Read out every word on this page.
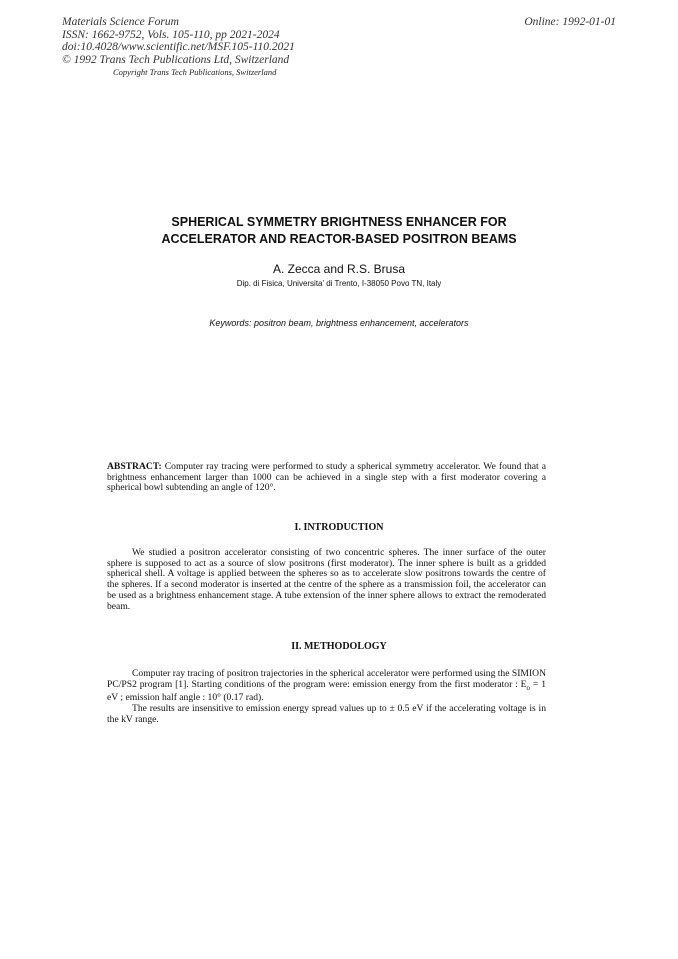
Materials Science Forum
ISSN: 1662-9752, Vols. 105-110, pp 2021-2024
doi:10.4028/www.scientific.net/MSF.105-110.2021
© 1992 Trans Tech Publications Ltd, Switzerland
Online: 1992-01-01
Copyright Trans Tech Publications, Switzerland
SPHERICAL SYMMETRY BRIGHTNESS ENHANCER FOR
ACCELERATOR AND REACTOR-BASED POSITRON BEAMS
A. Zecca and R.S. Brusa
Dip. di Fisica, Universita' di Trento, I-38050 Povo TN, Italy
Keywords: positron beam, brightness enhancement, accelerators

ABSTRACT: Computer ray tracing were performed to study a spherical symmetry accelerator. We found that a brightness enhancement larger than 1000 can be achieved in a single step with a first moderator covering a spherical bowl subtending an angle of 120°.

I. INTRODUCTION

We studied a positron accelerator consisting of two concentric spheres. The inner surface of the outer sphere is supposed to act as a source of slow positrons (first moderator). The inner sphere is built as a gridded spherical shell. A voltage is applied between the spheres so as to accelerate slow positrons towards the centre of the spheres. If a second moderator is inserted at the centre of the sphere as a transmission foil, the accelerator can be used as a brightness enhancement stage. A tube extension of the inner sphere allows to extract the remoderated beam.

II. METHODOLOGY

Computer ray tracing of positron trajectories in the spherical accelerator were performed using the SIMION PC/PS2 program [1]. Starting conditions of the program were: emission energy from the first moderator : $E_o = 1$ eV ; emission half angle : 10° (0.17 rad).

The results are insensitive to emission energy spread values up to ± 0.5 eV if the accelerating voltage is in the kV range.
